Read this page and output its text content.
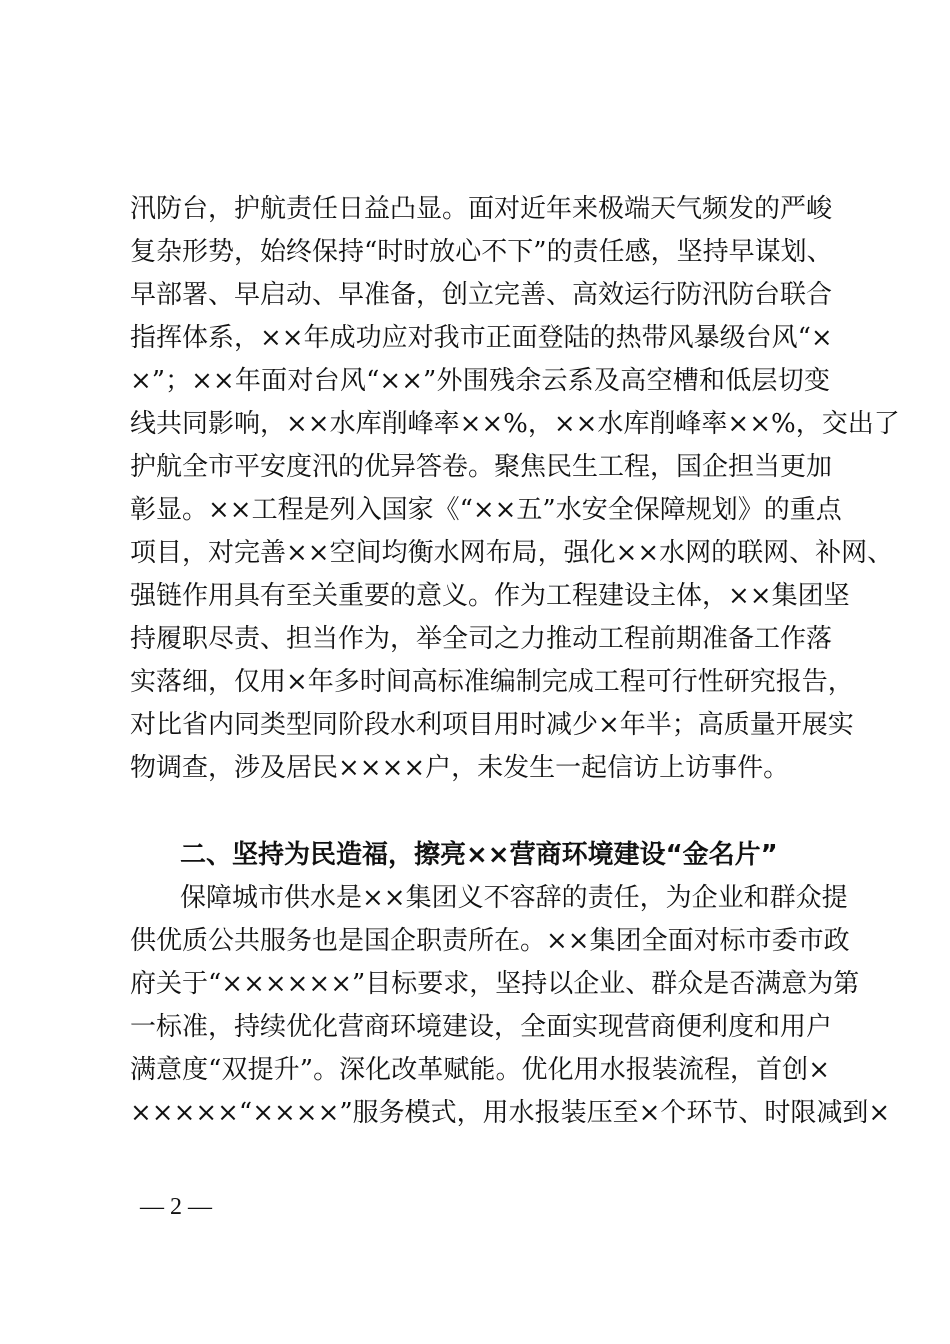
汛防台，护航责任日益凸显。面对近年来极端天气频发的严峻
复杂形势，始终保持“时时放心不下”的责任感，坚持早谋划、
早部署、早启动、早准备，创立完善、高效运行防汛防台联合
指挥体系，××年成功应对我市正面登陆的热带风暴级台风“×
×”；××年面对台风“××”外围残余云系及高空槽和低层切变
线共同影响，××水库削峰率××%，××水库削峰率××%，交出了
护航全市平安度汛的优异答卷。聚焦民生工程，国企担当更加
彰显。××工程是列入国家《“××五”水安全保障规划》的重点
项目，对完善××空间均衡水网布局，强化××水网的联网、补网、
强链作用具有至关重要的意义。作为工程建设主体，××集团坚
持履职尽责、担当作为，举全司之力推动工程前期准备工作落
实落细，仅用×年多时间高标准编制完成工程可行性研究报告，
对比省内同类型同阶段水利项目用时减少×年半；高质量开展实
物调查，涉及居民××××户，未发生一起信访上访事件。
二、坚持为民造福，擦亮××营商环境建设“金名片”
保障城市供水是××集团义不容辞的责任，为企业和群众提
供优质公共服务也是国企职责所在。××集团全面对标市委市政
府关于“××××××”目标要求，坚持以企业、群众是否满意为第
一标准，持续优化营商环境建设，全面实现营商便利度和用户
满意度“双提升”。深化改革赋能。优化用水报装流程，首创×
×××××“××××”服务模式，用水报装压至×个环节、时限减到×
— 2 —
